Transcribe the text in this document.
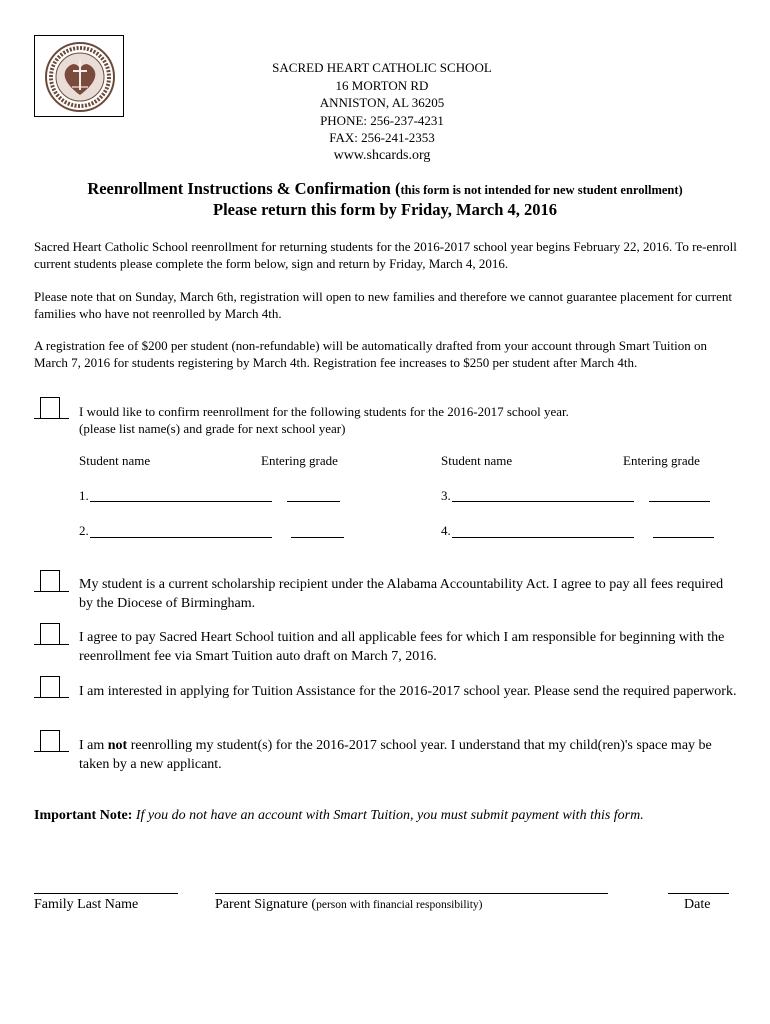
SACRED HEART CATHOLIC SCHOOL
16 MORTON RD
ANNISTON, AL 36205
PHONE: 256-237-4231
FAX: 256-241-2353
www.shcards.org
Reenrollment Instructions & Confirmation (this form is not intended for new student enrollment)
Please return this form by Friday, March 4, 2016
Sacred Heart Catholic School reenrollment for returning students for the 2016-2017 school year begins February 22, 2016. To re-enroll current students please complete the form below, sign and return by Friday, March 4, 2016.
Please note that on Sunday, March 6th, registration will open to new families and therefore we cannot guarantee placement for current families who have not reenrolled by March 4th.
A registration fee of $200 per student (non-refundable) will be automatically drafted from your account through Smart Tuition on March 7, 2016 for students registering by March 4th. Registration fee increases to $250 per student after March 4th.
I would like to confirm reenrollment for the following students for the 2016-2017 school year.
(please list name(s) and grade for next school year)
Student name	Entering grade	Student name	Entering grade
1.
2.
3.
4.
My student is a current scholarship recipient under the Alabama Accountability Act. I agree to pay all fees required by the Diocese of Birmingham.
I agree to pay Sacred Heart School tuition and all applicable fees for which I am responsible for beginning with the reenrollment fee via Smart Tuition auto draft on March 7, 2016.
I am interested in applying for Tuition Assistance for the 2016-2017 school year. Please send the required paperwork.
I am not reenrolling my student(s) for the 2016-2017 school year. I understand that my child(ren)'s space may be taken by a new applicant.
Important Note: If you do not have an account with Smart Tuition, you must submit payment with this form.
Family Last Name	Parent Signature (person with financial responsibility)	Date
